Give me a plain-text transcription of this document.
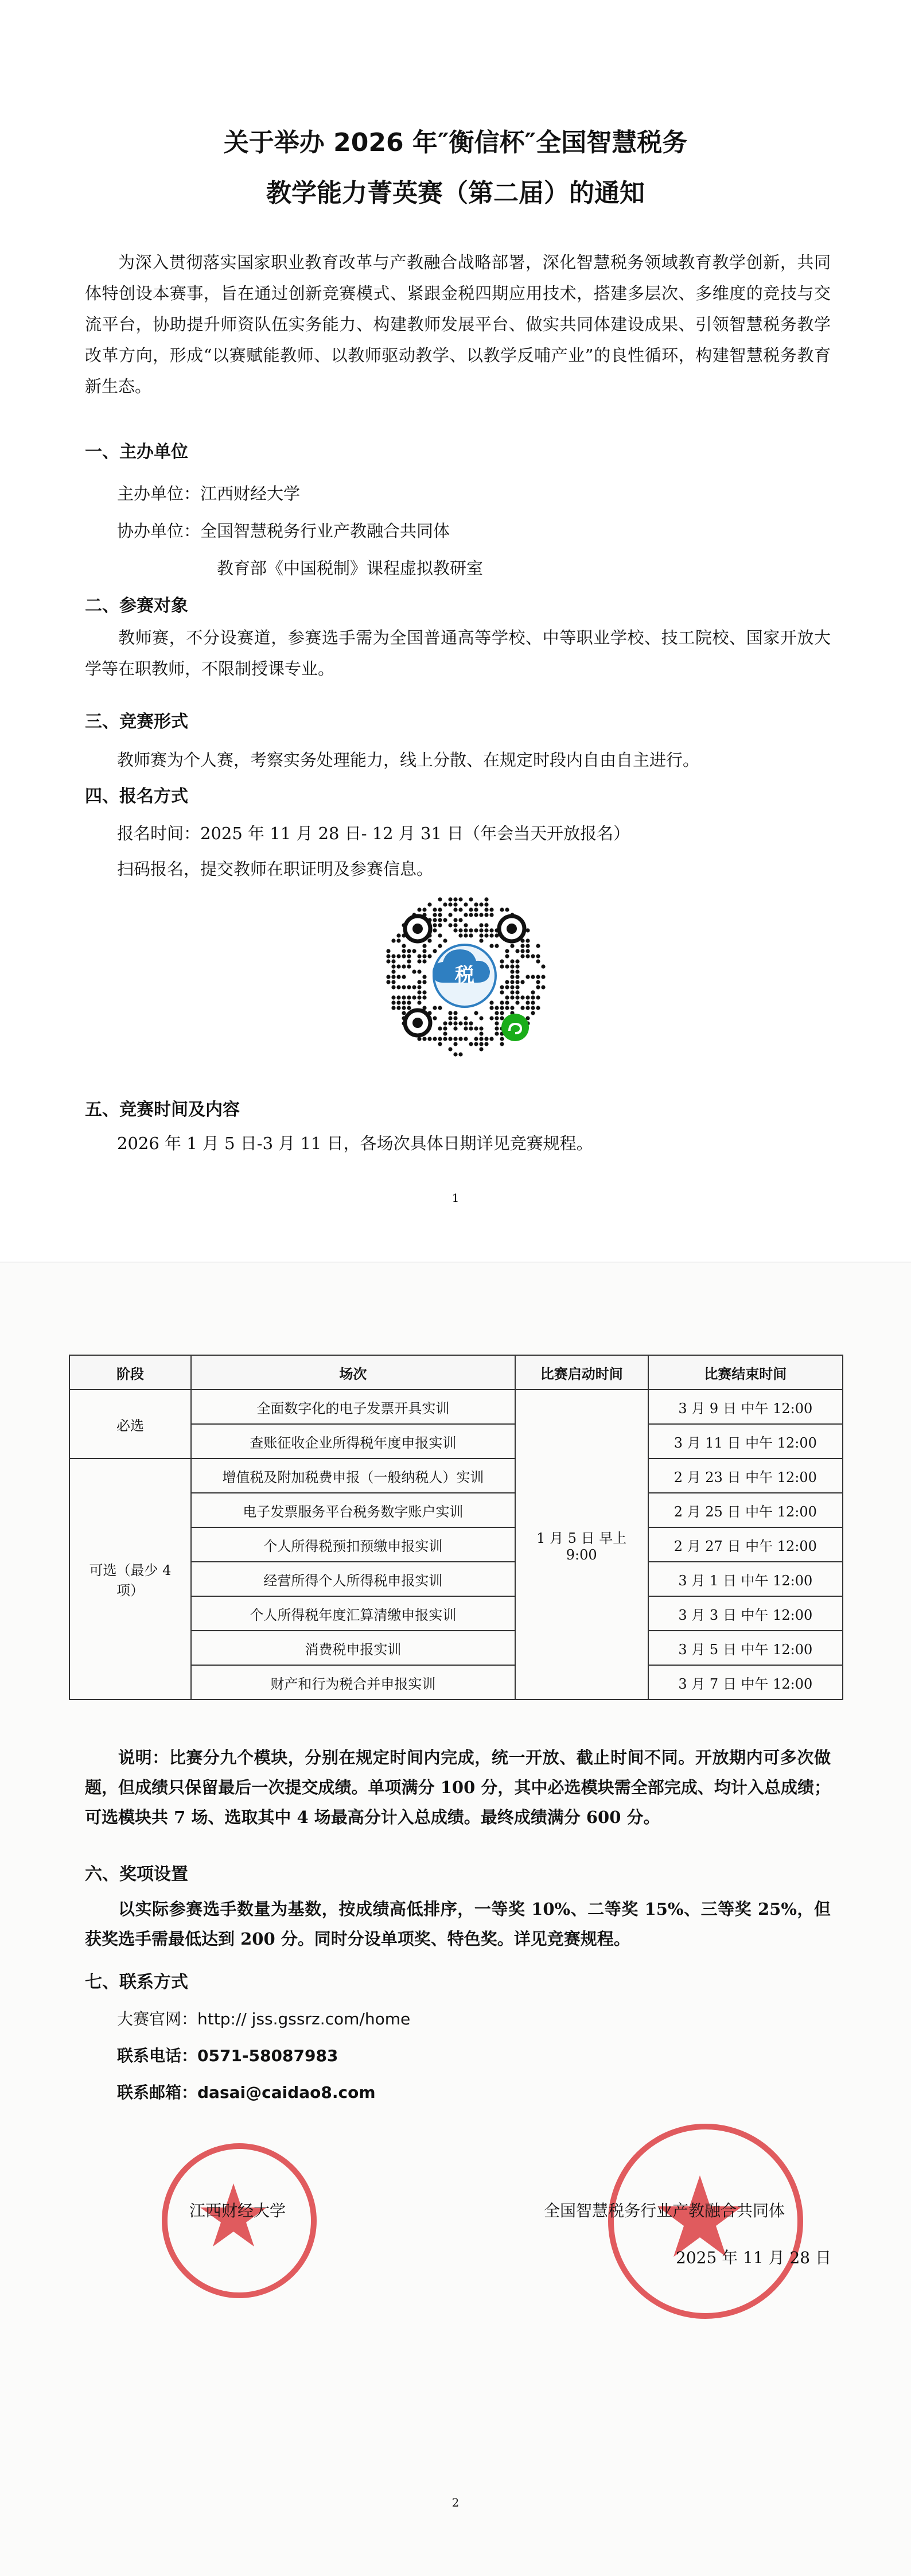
关于举办 2026 年″衡信杯″全国智慧税务
教学能力菁英赛（第二届）的通知
为深入贯彻落实国家职业教育改革与产教融合战略部署，深化智慧税务领域教育教学创新，共同体特创设本赛事，旨在通过创新竞赛模式、紧跟金税四期应用技术，搭建多层次、多维度的竞技与交流平台，协助提升师资队伍实务能力、构建教师发展平台、做实共同体建设成果、引领智慧税务教学改革方向，形成“以赛赋能教师、以教师驱动教学、以教学反哺产业”的良性循环，构建智慧税务教育新生态。
一、主办单位
主办单位：江西财经大学
协办单位：全国智慧税务行业产教融合共同体
教育部《中国税制》课程虚拟教研室
二、参赛对象
教师赛，不分设赛道，参赛选手需为全国普通高等学校、中等职业学校、技工院校、国家开放大学等在职教师，不限制授课专业。
三、竞赛形式
教师赛为个人赛，考察实务处理能力，线上分散、在规定时段内自由自主进行。
四、报名方式
报名时间：2025 年 11 月 28 日- 12 月 31 日（年会当天开放报名）
扫码报名，提交教师在职证明及参赛信息。
税
五、竞赛时间及内容
2026 年 1 月 5 日-3 月 11 日，各场次具体日期详见竞赛规程。
1
阶段	场次	比赛启动时间	比赛结束时间
必选	全面数字化的电子发票开具实训	1 月 5 日 早上 9:00	3 月 9 日 中午 12:00
	查账征收企业所得税年度申报实训		3 月 11 日 中午 12:00
可选（最少 4 项）	增值税及附加税费申报（一般纳税人）实训		2 月 23 日 中午 12:00
	电子发票服务平台税务数字账户实训		2 月 25 日 中午 12:00
	个人所得税预扣预缴申报实训		2 月 27 日 中午 12:00
	经营所得个人所得税申报实训		3 月 1 日 中午 12:00
	个人所得税年度汇算清缴申报实训		3 月 3 日 中午 12:00
	消费税申报实训		3 月 5 日 中午 12:00
	财产和行为税合并申报实训		3 月 7 日 中午 12:00
说明：比赛分九个模块，分别在规定时间内完成，统一开放、截止时间不同。开放期内可多次做题，但成绩只保留最后一次提交成绩。单项满分 100 分，其中必选模块需全部完成、均计入总成绩；可选模块共 7 场、选取其中 4 场最高分计入总成绩。最终成绩满分 600 分。
六、奖项设置
以实际参赛选手数量为基数，按成绩高低排序，一等奖 10%、二等奖 15%、三等奖 25%，但获奖选手需最低达到 200 分。同时分设单项奖、特色奖。详见竞赛规程。
七、联系方式
大赛官网：http:// jss.gssrz.com/home
联系电话：0571-58087983
联系邮箱：dasai@caidao8.com
江西财经大学	全国智慧税务行业产教融合共同体
2025 年 11 月 28 日
2
